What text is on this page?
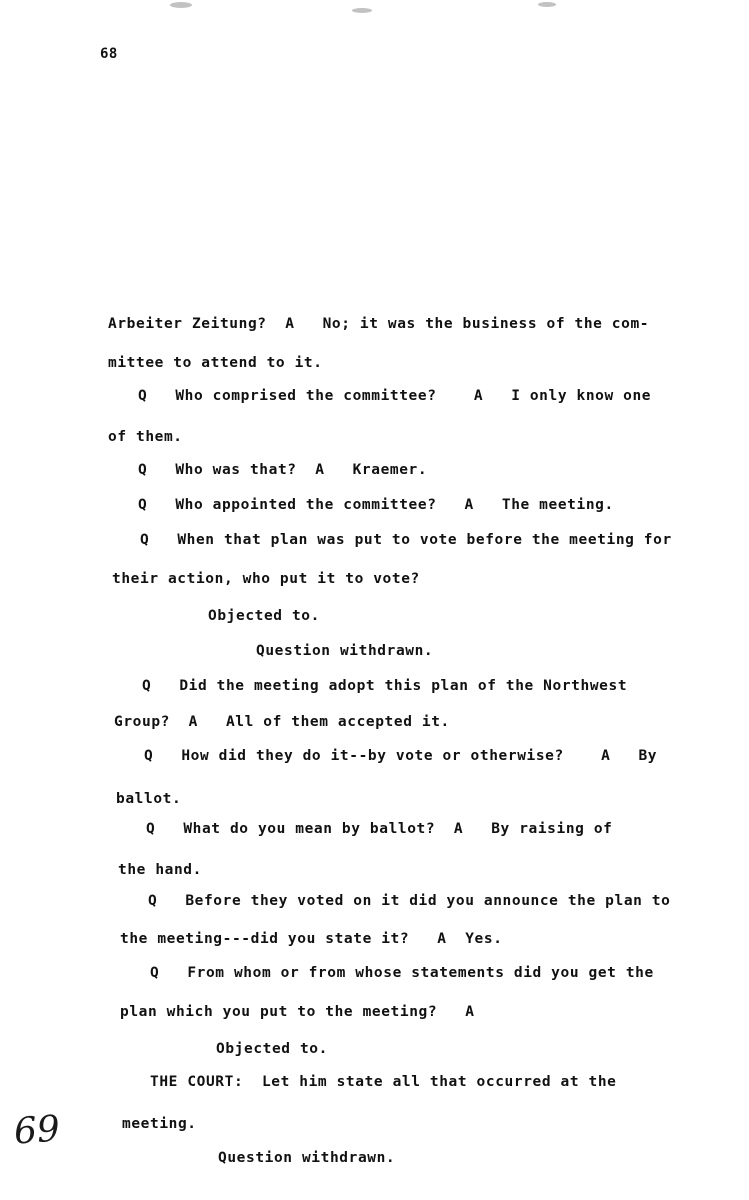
68
Arbeiter Zeitung?  A   No; it was the business of the com-
mittee to attend to it.
Q   Who comprised the committee?    A   I only know one
of them.
Q   Who was that?  A   Kraemer.
Q   Who appointed the committee?   A   The meeting.
Q   When that plan was put to vote before the meeting for
their action, who put it to vote?
Objected to.
Question withdrawn.
Q   Did the meeting adopt this plan of the Northwest
Group?  A   All of them accepted it.
Q   How did they do it--by vote or otherwise?    A   By
ballot.
Q   What do you mean by ballot?  A   By raising of
the hand.
Q   Before they voted on it did you announce the plan to
the meeting---did you state it?   A  Yes.
Q   From whom or from whose statements did you get the
plan which you put to the meeting?   A
Objected to.
THE COURT:  Let him state all that occurred at the
meeting.
Question withdrawn.
69
